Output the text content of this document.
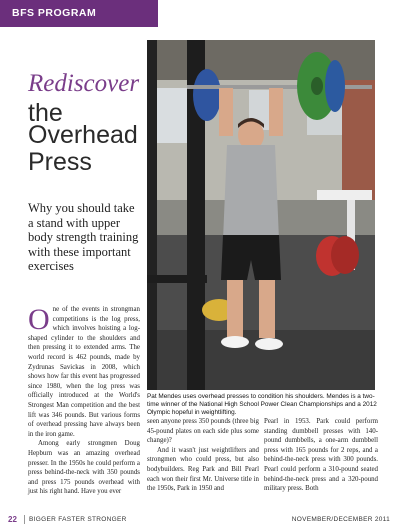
BFS PROGRAM
Rediscover
the
Overhead Press
Why you should take a stand with upper body strength training with these important exercises
Pat Mendes uses overhead presses to condition his shoulders. Mendes is a two-time winner of the National High School Power Clean Championships and a 2012 Olympic hopeful in weightlifting.

One of the events in strongman competitions is the log press, which involves hoisting a log-shaped cylinder to the shoulders and then pressing it to extended arms. The world record is 462 pounds, made by Zydrunas Savickas in 2008, which shows how far this event has progressed since 1980, when the log press was officially introduced at the World's Strongest Man competition and the best lift was 346 pounds. But various forms of overhead pressing have always been in the iron game.

Among early strongmen Doug Hepburn was an amazing overhead presser. In the 1950s he could perform a press behind-the-neck with 350 pounds and press 175 pounds overhead with just his right hand. Have you ever

seen anyone press 350 pounds (three big 45-pound plates on each side plus some change)?

And it wasn't just weightlifters and strongmen who could press, but also bodybuilders. Reg Park and Bill Pearl each won their first Mr. Universe title in the 1950s, Park in 1950 and

Pearl in 1953. Park could perform standing dumbbell presses with 140-pound dumbbells, a one-arm dumbbell press with 165 pounds for 2 reps, and a behind-the-neck press with 300 pounds. Pearl could perform a 310-pound seated behind-the-neck press and a 320-pound military press. Both

22	BIGGER FASTER STRONGER	NOVEMBER/DECEMBER 2011
